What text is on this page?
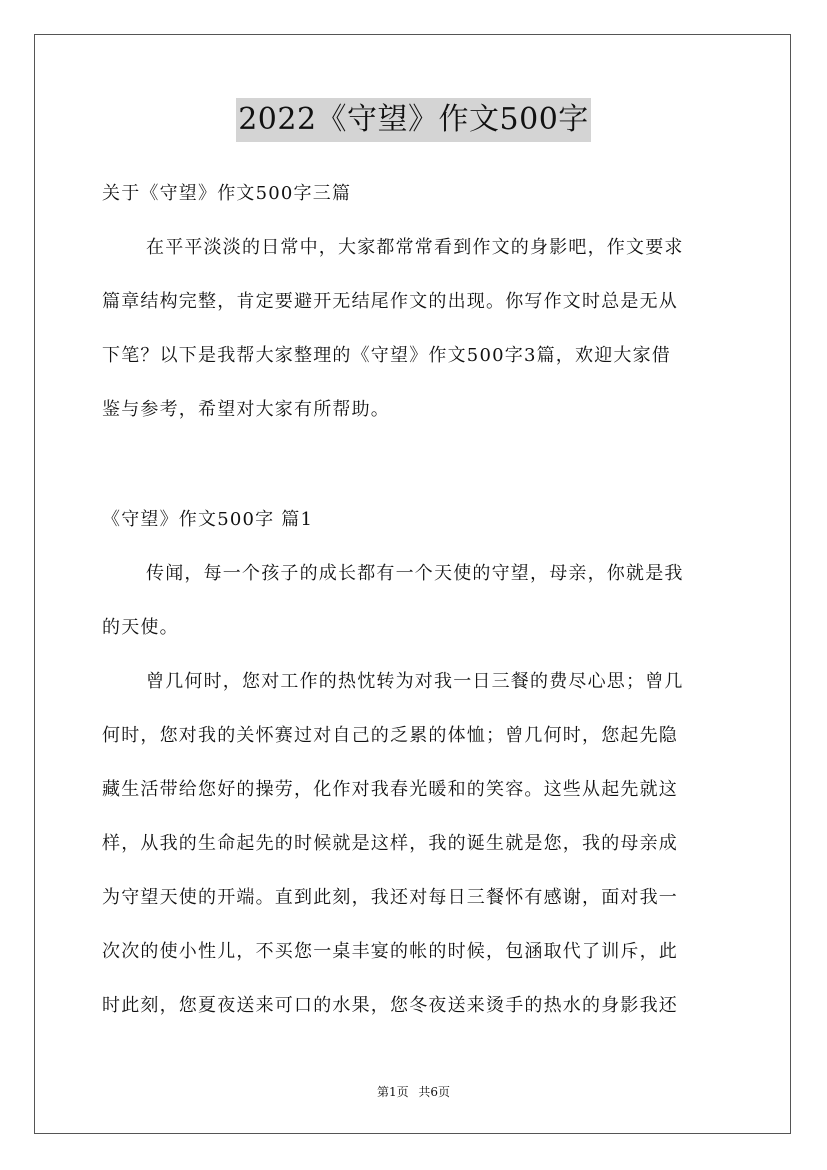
2022《守望》作文500字
关于《守望》作文500字三篇
在平平淡淡的日常中，大家都常常看到作文的身影吧，作文要求
篇章结构完整，肯定要避开无结尾作文的出现。你写作文时总是无从
下笔？以下是我帮大家整理的《守望》作文500字3篇，欢迎大家借
鉴与参考，希望对大家有所帮助。
《守望》作文500字 篇1
传闻，每一个孩子的成长都有一个天使的守望，母亲，你就是我
的天使。
曾几何时，您对工作的热忱转为对我一日三餐的费尽心思；曾几
何时，您对我的关怀赛过对自己的乏累的体恤；曾几何时，您起先隐
藏生活带给您好的操劳，化作对我春光暖和的笑容。这些从起先就这
样，从我的生命起先的时候就是这样，我的诞生就是您，我的母亲成
为守望天使的开端。直到此刻，我还对每日三餐怀有感谢，面对我一
次次的使小性儿，不买您一桌丰宴的帐的时候，包涵取代了训斥，此
时此刻，您夏夜送来可口的水果，您冬夜送来烫手的热水的身影我还
第1页 共6页
